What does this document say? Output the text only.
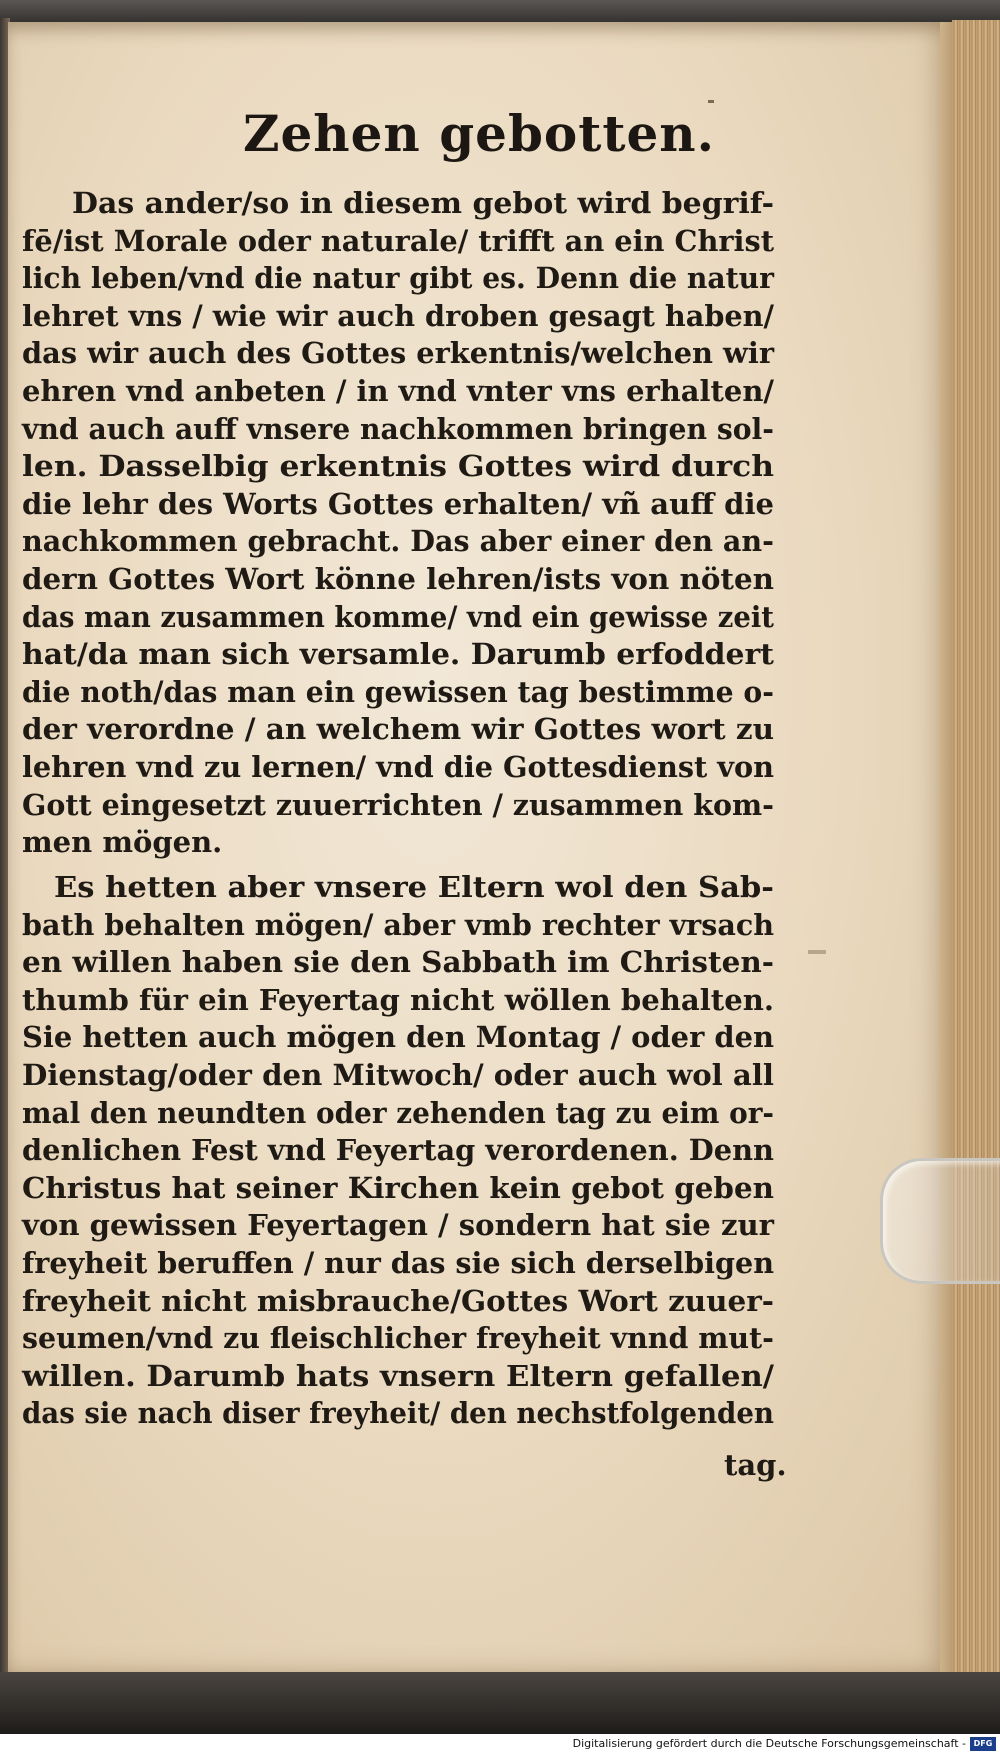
Zehen gebotten.
Das ander/so in diesem gebot wird begrif-
fē/ist Morale oder naturale/ trifft an ein Christ
lich leben/vnd die natur gibt es. Denn die natur
lehret vns / wie wir auch droben gesagt haben/
das wir auch des Gottes erkentnis/welchen wir
ehren vnd anbeten / in vnd vnter vns erhalten/
vnd auch auff vnsere nachkommen bringen sol-
len. Dasselbig erkentnis Gottes wird durch
die lehr des Worts Gottes erhalten/ vñ auff die
nachkommen gebracht. Das aber einer den an-
dern Gottes Wort könne lehren/ists von nöten
das man zusammen komme/ vnd ein gewisse zeit
hat/da man sich versamle. Darumb erfoddert
die noth/das man ein gewissen tag bestimme o-
der verordne / an welchem wir Gottes wort zu
lehren vnd zu lernen/ vnd die Gottesdienst von
Gott eingesetzt zuuerrichten / zusammen kom-
men mögen.
Es hetten aber vnsere Eltern wol den Sab-
bath behalten mögen/ aber vmb rechter vrsach
en willen haben sie den Sabbath im Christen-
thumb für ein Feyertag nicht wöllen behalten.
Sie hetten auch mögen den Montag / oder den
Dienstag/oder den Mitwoch/ oder auch wol all
mal den neundten oder zehenden tag zu eim or-
denlichen Fest vnd Feyertag verordenen. Denn
Christus hat seiner Kirchen kein gebot geben
von gewissen Feyertagen / sondern hat sie zur
freyheit beruffen / nur das sie sich derselbigen
freyheit nicht misbrauche/Gottes Wort zuuer-
seumen/vnd zu fleischlicher freyheit vnnd mut-
willen. Darumb hats vnsern Eltern gefallen/
das sie nach diser freyheit/ den nechstfolgenden
tag.
Digitalisierung gefördert durch die Deutsche Forschungsgemeinschaft - DFG
